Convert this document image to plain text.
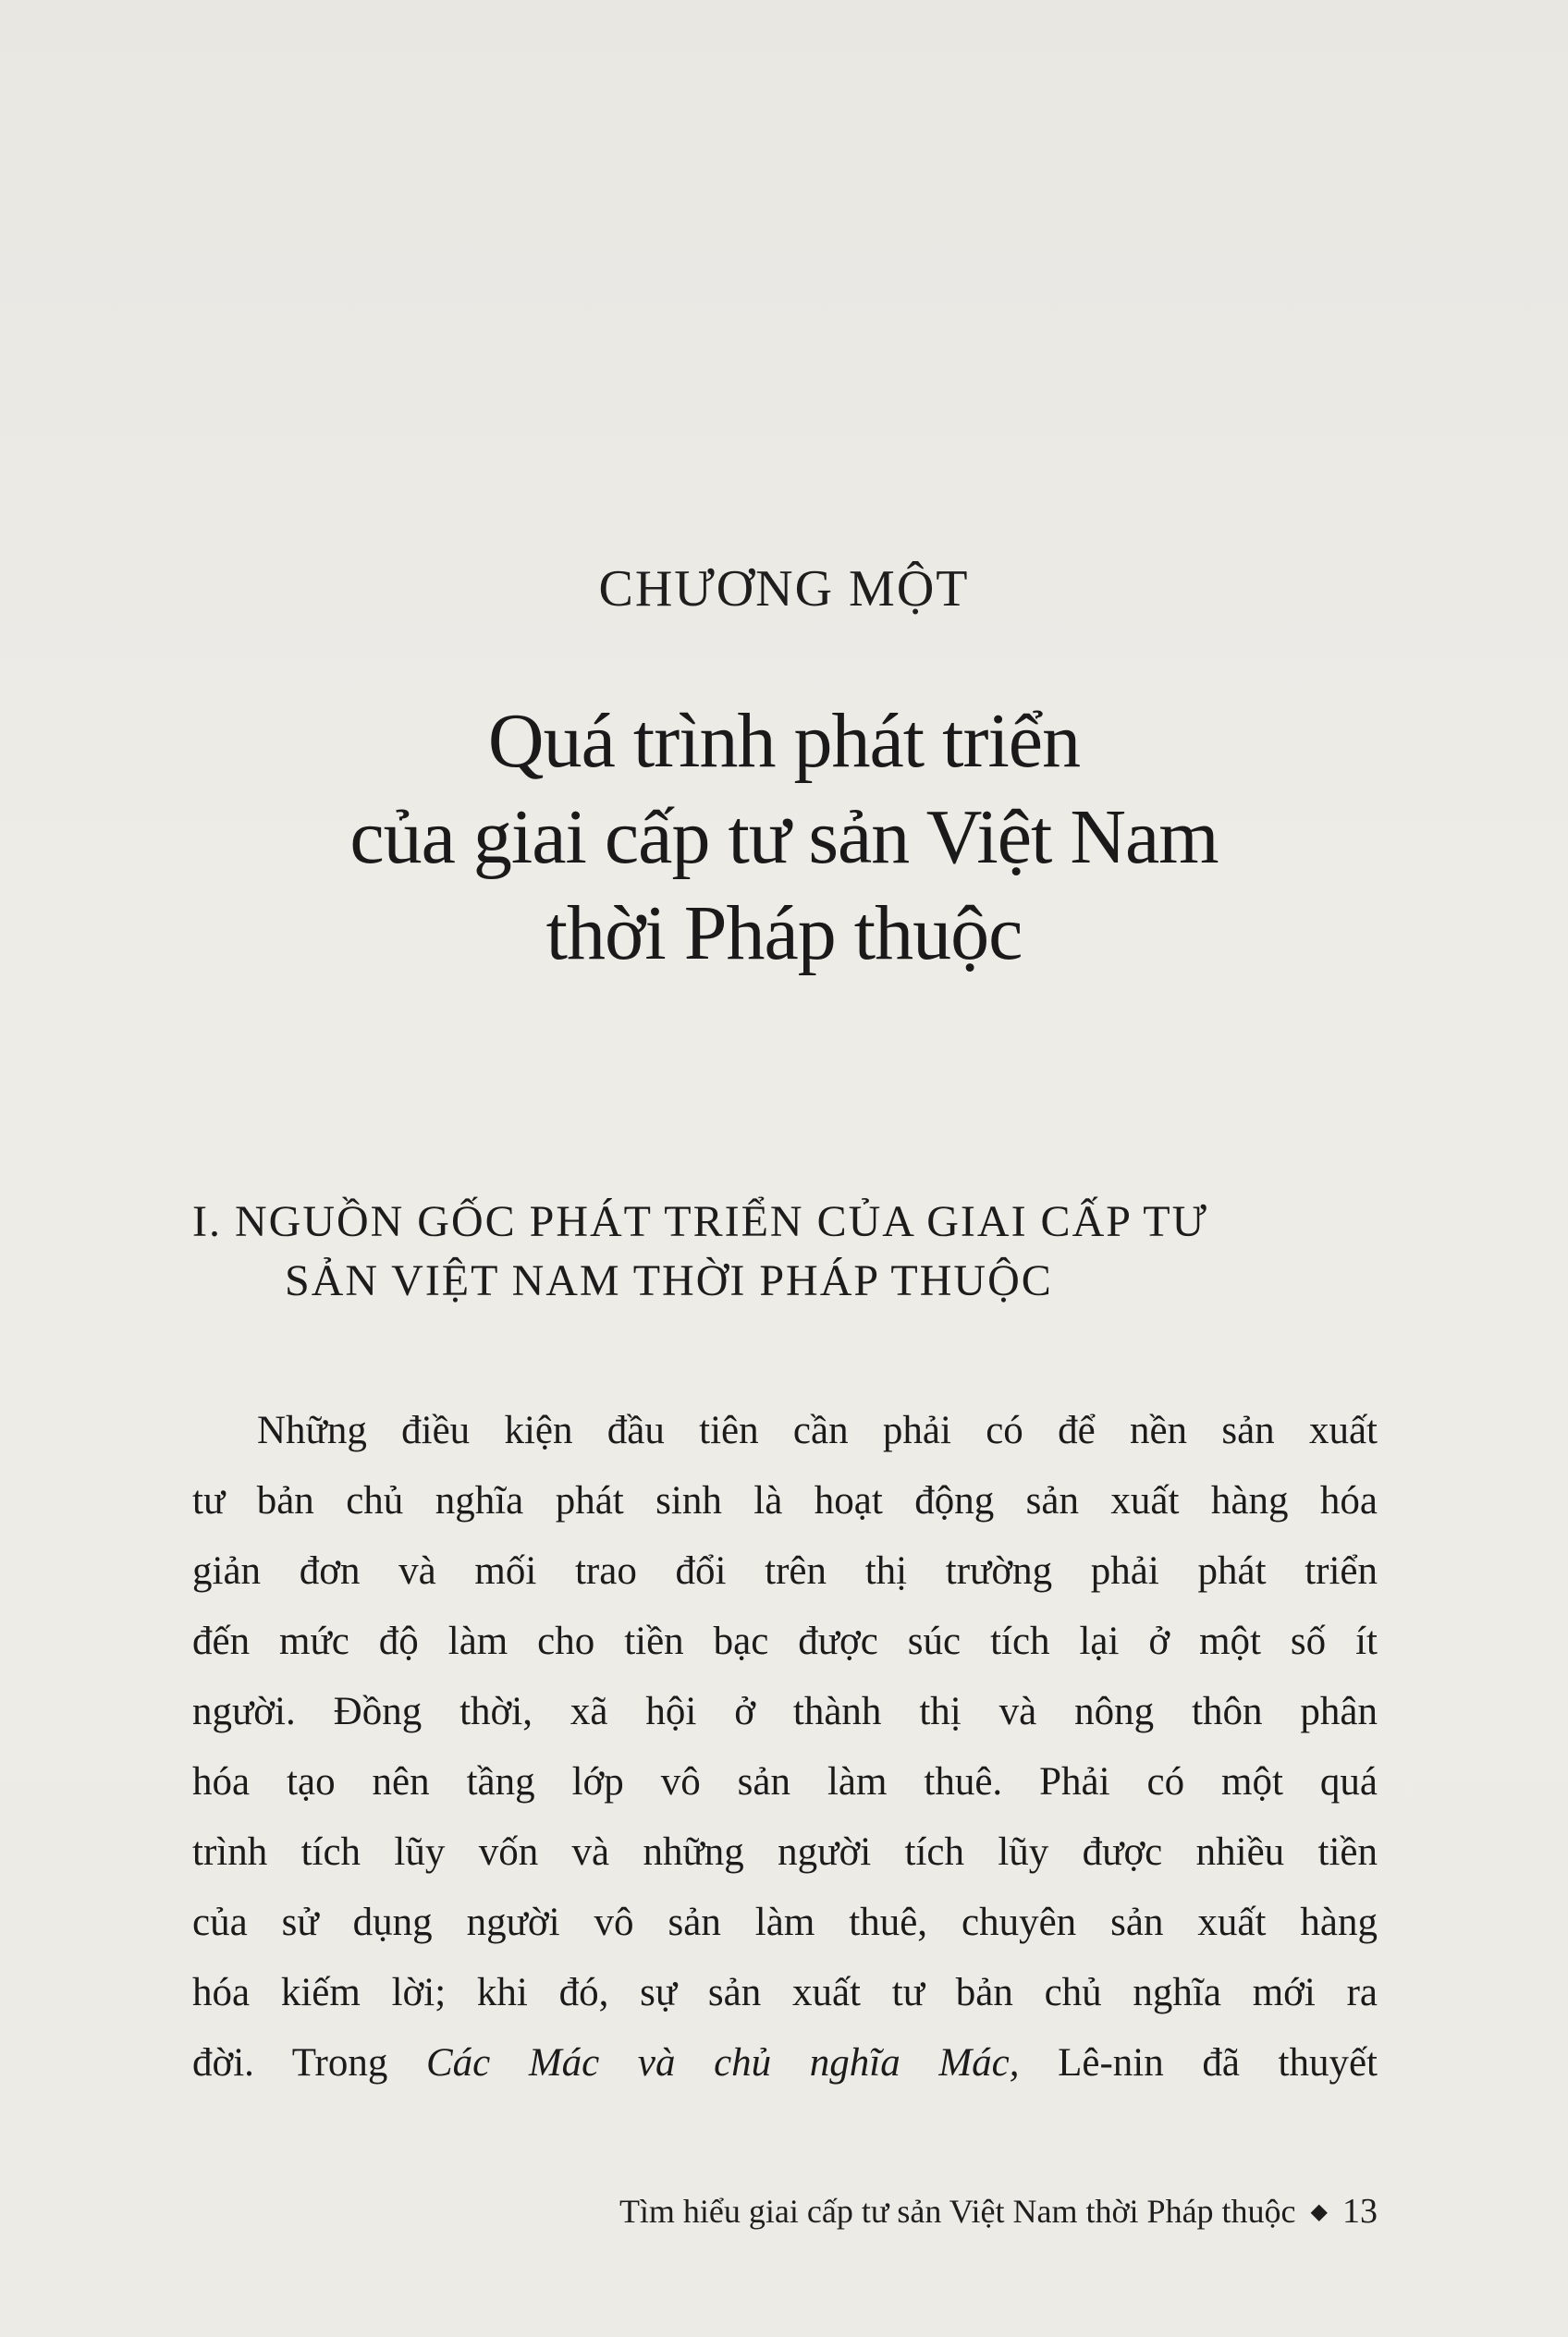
CHƯƠNG MỘT
Quá trình phát triển
của giai cấp tư sản Việt Nam
thời Pháp thuộc
I. NGUỒN GỐC PHÁT TRIỂN CỦA GIAI CẤP TƯ
SẢN VIỆT NAM THỜI PHÁP THUỘC
Những điều kiện đầu tiên cần phải có để nền sản xuất
tư bản chủ nghĩa phát sinh là hoạt động sản xuất hàng hóa
giản đơn và mối trao đổi trên thị trường phải phát triển
đến mức độ làm cho tiền bạc được súc tích lại ở một số ít
người. Đồng thời, xã hội ở thành thị và nông thôn phân
hóa tạo nên tầng lớp vô sản làm thuê. Phải có một quá
trình tích lũy vốn và những người tích lũy được nhiều tiền
của sử dụng người vô sản làm thuê, chuyên sản xuất hàng
hóa kiếm lời; khi đó, sự sản xuất tư bản chủ nghĩa mới ra
đời. Trong Các Mác và chủ nghĩa Mác, Lê-nin đã thuyết
Tìm hiểu giai cấp tư sản Việt Nam thời Pháp thuộc ◆ 13
